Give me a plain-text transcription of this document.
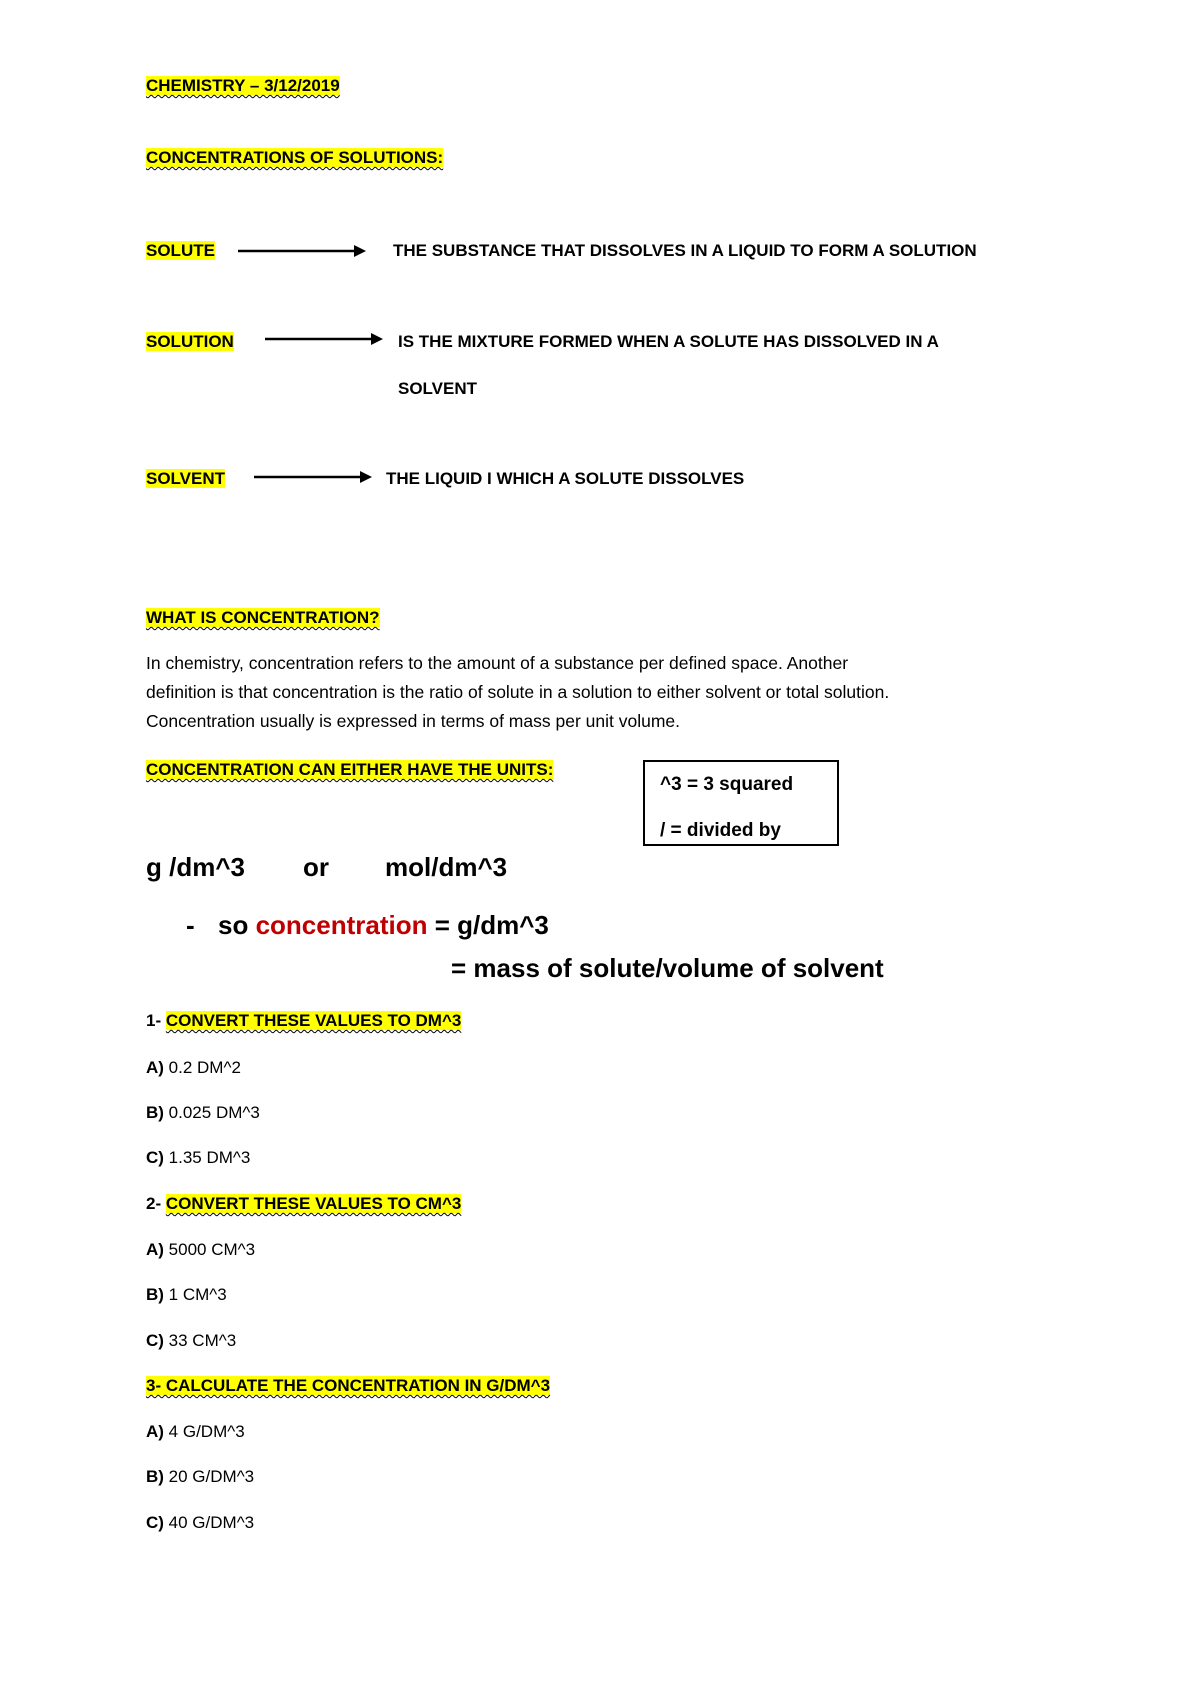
CHEMISTRY – 3/12/2019
CONCENTRATIONS OF SOLUTIONS:
SOLUTE	THE SUBSTANCE THAT DISSOLVES IN A LIQUID TO FORM A SOLUTION
SOLUTION	IS THE MIXTURE FORMED WHEN A SOLUTE HAS DISSOLVED IN A
SOLVENT
SOLVENT	THE LIQUID I WHICH A SOLUTE DISSOLVES
WHAT IS CONCENTRATION?
In chemistry, concentration refers to the amount of a substance per defined space. Another
definition is that concentration is the ratio of solute in a solution to either solvent or total solution.
Concentration usually is expressed in terms of mass per unit volume.
CONCENTRATION CAN EITHER HAVE THE UNITS:
^3 = 3 squared
/ = divided by
g /dm^3 or mol/dm^3
- so concentration = g/dm^3
= mass of solute/volume of solvent
1- CONVERT THESE VALUES TO DM^3
A) 0.2 DM^2
B) 0.025 DM^3
C) 1.35 DM^3
2- CONVERT THESE VALUES TO CM^3
A) 5000 CM^3
B) 1 CM^3
C) 33 CM^3
3- CALCULATE THE CONCENTRATION IN G/DM^3
A) 4 G/DM^3
B) 20 G/DM^3
C) 40 G/DM^3
